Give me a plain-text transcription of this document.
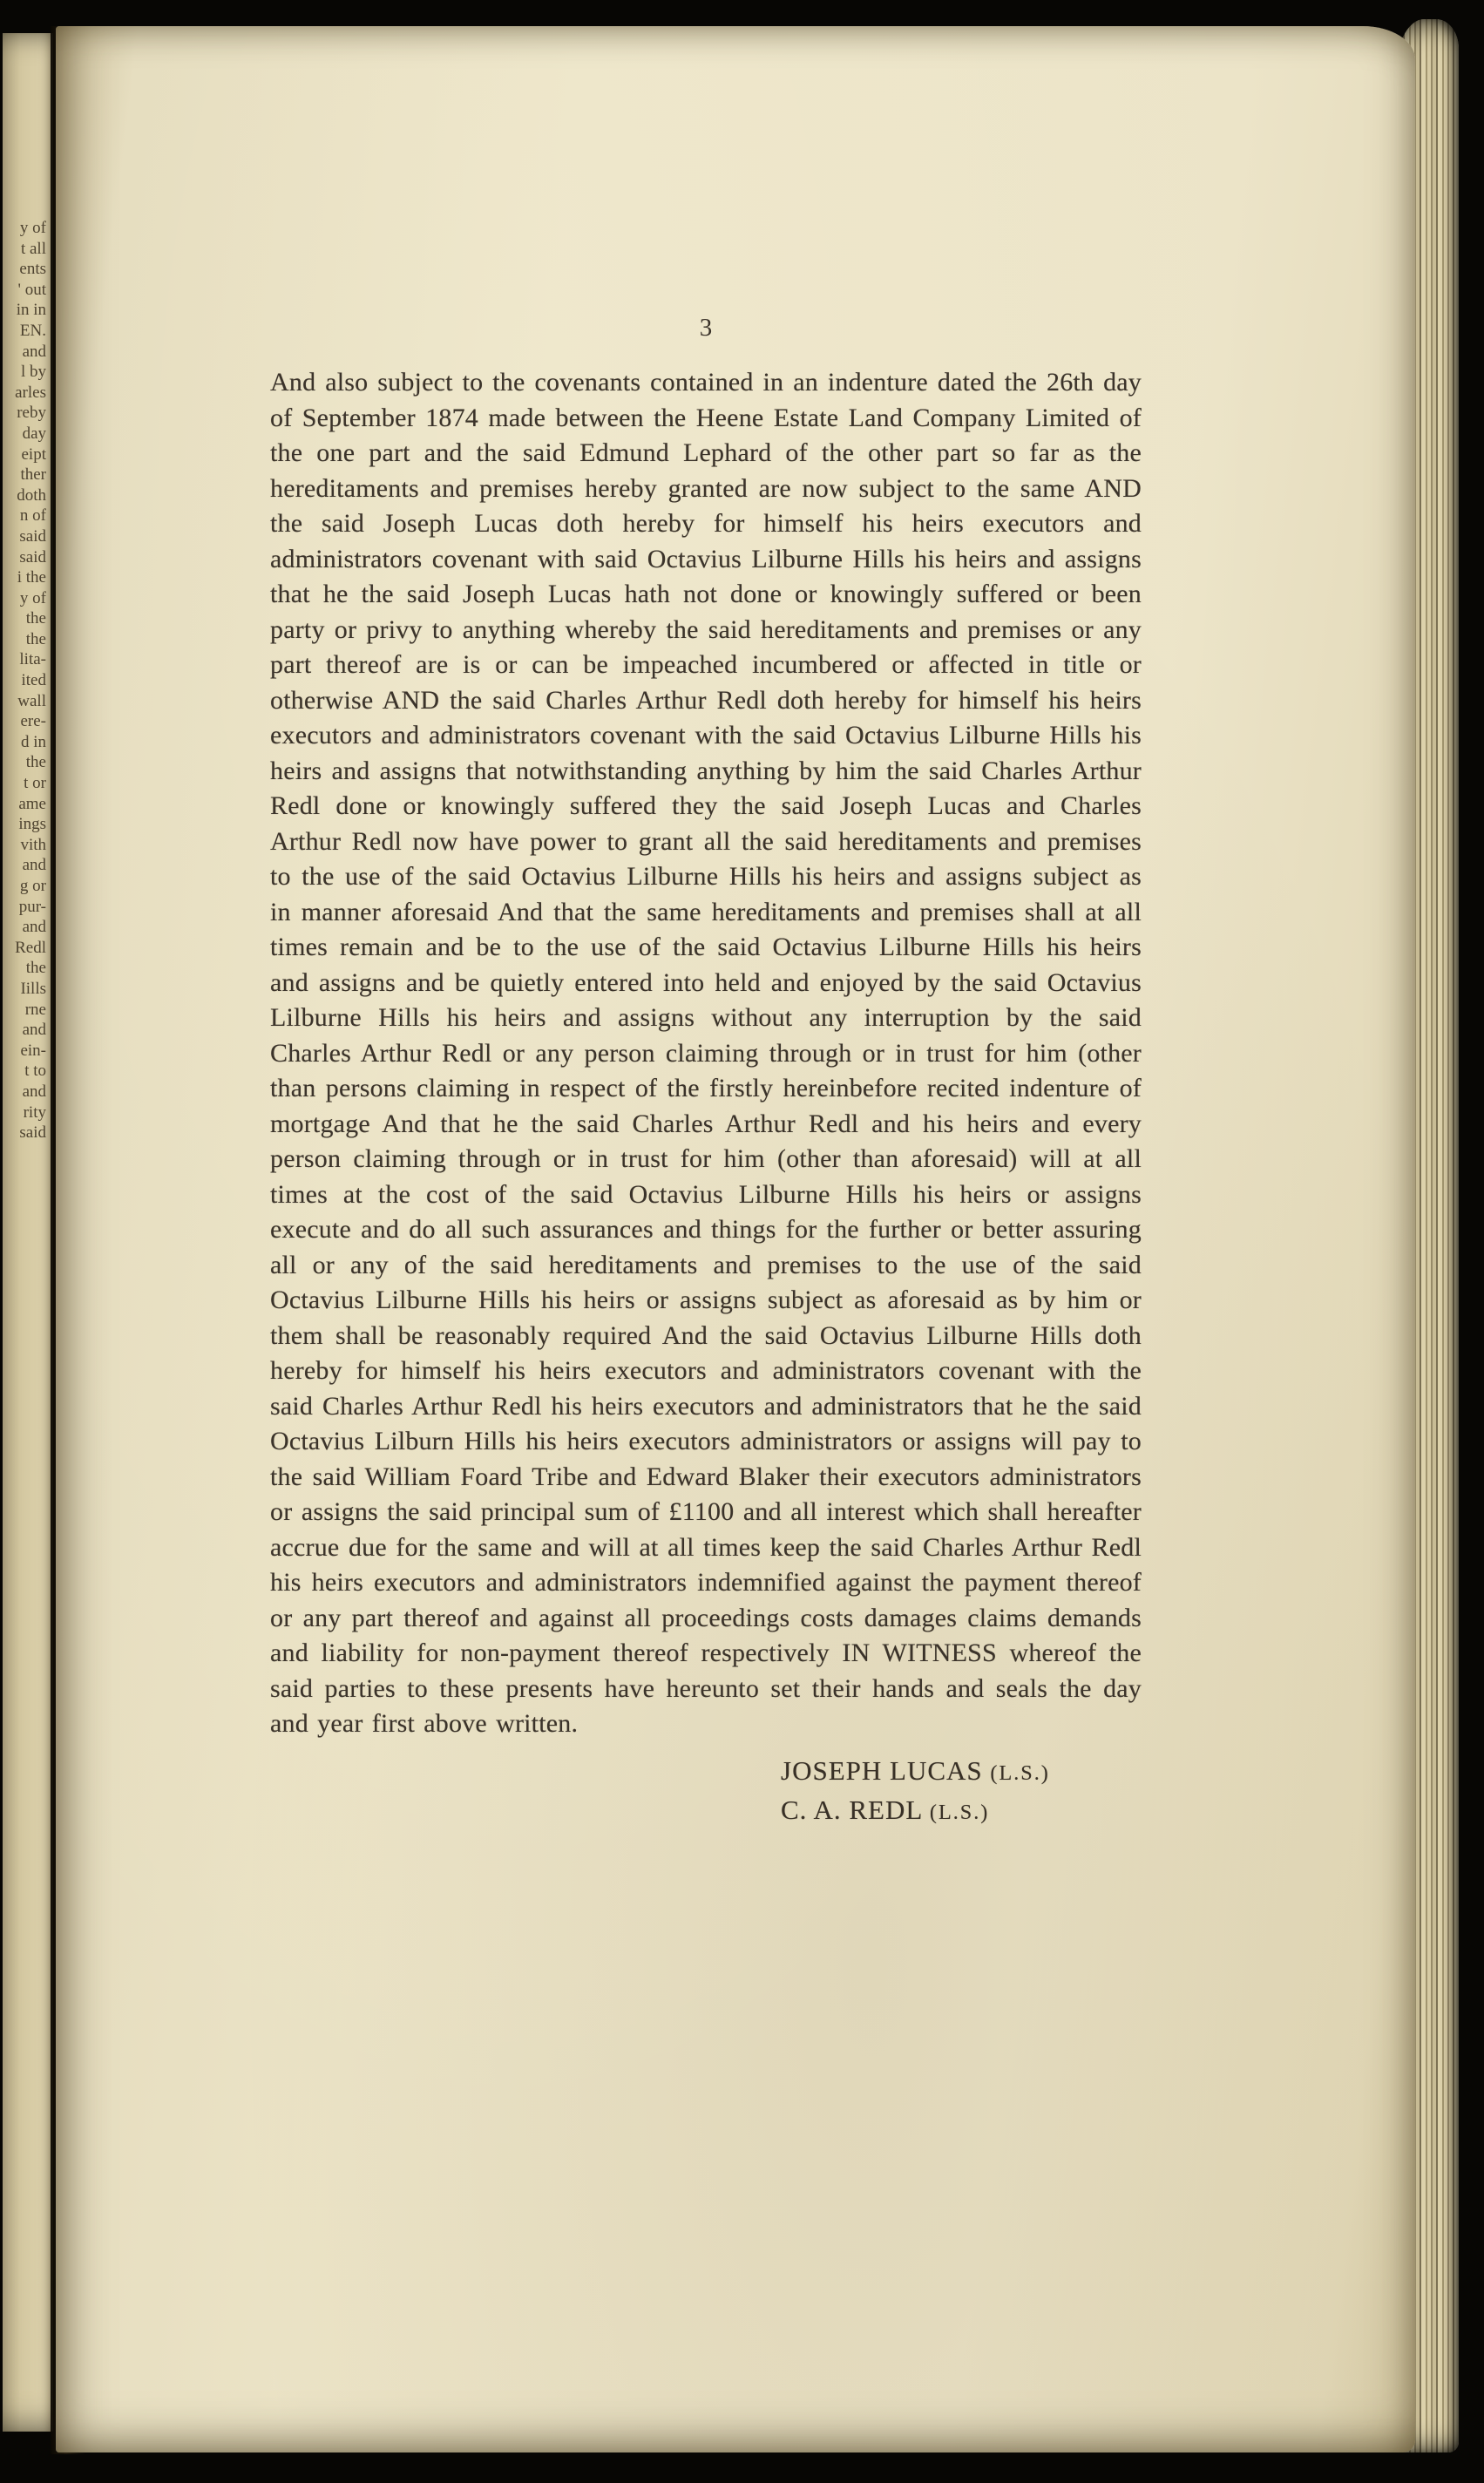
y of
t all
ents
' out
in in
EN.
and
l by
arles
reby
day
eipt
ther
doth
n of
said
said
i the
y of
the
the
lita-
ited
wall
ere-
d in
the
t or
ame
ings
vith
and
g or
pur-
and
Redl
the
Iills
rne
and
ein-
t to
and
rity
said
3

And also subject to the covenants contained in an indenture dated the 26th day of September 1874 made between the Heene Estate Land Company Limited of the one part and the said Edmund Lephard of the other part so far as the hereditaments and premises hereby granted are now subject to the same AND the said Joseph Lucas doth hereby for himself his heirs executors and administrators covenant with said Octavius Lilburne Hills his heirs and assigns that he the said Joseph Lucas hath not done or knowingly suffered or been party or privy to anything whereby the said hereditaments and premises or any part thereof are is or can be impeached incumbered or affected in title or otherwise AND the said Charles Arthur Redl doth hereby for himself his heirs executors and administrators covenant with the said Octavius Lilburne Hills his heirs and assigns that notwithstanding anything by him the said Charles Arthur Redl done or knowingly suffered they the said Joseph Lucas and Charles Arthur Redl now have power to grant all the said hereditaments and premises to the use of the said Octavius Lilburne Hills his heirs and assigns subject as in manner aforesaid And that the same hereditaments and premises shall at all times remain and be to the use of the said Octavius Lilburne Hills his heirs and assigns and be quietly entered into held and enjoyed by the said Octavius Lilburne Hills his heirs and assigns without any interruption by the said Charles Arthur Redl or any person claiming through or in trust for him (other than persons claiming in respect of the firstly hereinbefore recited indenture of mortgage And that he the said Charles Arthur Redl and his heirs and every person claiming through or in trust for him (other than aforesaid) will at all times at the cost of the said Octavius Lilburne Hills his heirs or assigns execute and do all such assurances and things for the further or better assuring all or any of the said hereditaments and premises to the use of the said Octavius Lilburne Hills his heirs or assigns subject as aforesaid as by him or them shall be reasonably required And the said Octavius Lilburne Hills doth hereby for himself his heirs executors and administrators covenant with the said Charles Arthur Redl his heirs executors and administrators that he the said Octavius Lilburn Hills his heirs executors administrators or assigns will pay to the said William Foard Tribe and Edward Blaker their executors administrators or assigns the said principal sum of £1100 and all interest which shall hereafter accrue due for the same and will at all times keep the said Charles Arthur Redl his heirs executors and administrators indemnified against the payment thereof or any part thereof and against all proceedings costs damages claims demands and liability for non-payment thereof respectively IN WITNESS whereof the said parties to these presents have hereunto set their hands and seals the day and year first above written.

JOSEPH LUCAS (L.S.)
C. A. REDL (L.S.)
